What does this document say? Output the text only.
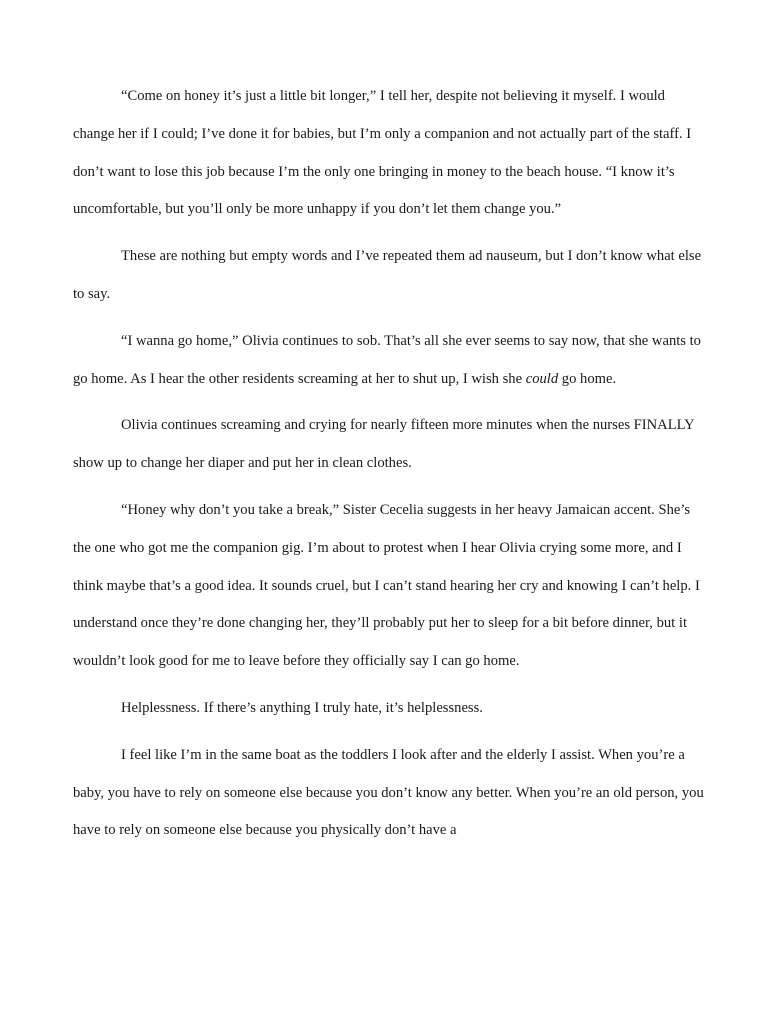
“Come on honey it’s just a little bit longer,” I tell her, despite not believing it myself. I would change her if I could; I’ve done it for babies, but I’m only a companion and not actually part of the staff. I don’t want to lose this job because I’m the only one bringing in money to the beach house. “I know it’s uncomfortable, but you’ll only be more unhappy if you don’t let them change you.”

These are nothing but empty words and I’ve repeated them ad nauseum, but I don’t know what else to say.

“I wanna go home,” Olivia continues to sob. That’s all she ever seems to say now, that she wants to go home. As I hear the other residents screaming at her to shut up, I wish she could go home.

Olivia continues screaming and crying for nearly fifteen more minutes when the nurses FINALLY show up to change her diaper and put her in clean clothes.

“Honey why don’t you take a break,” Sister Cecelia suggests in her heavy Jamaican accent. She’s the one who got me the companion gig. I’m about to protest when I hear Olivia crying some more, and I think maybe that’s a good idea. It sounds cruel, but I can’t stand hearing her cry and knowing I can’t help. I understand once they’re done changing her, they’ll probably put her to sleep for a bit before dinner, but it wouldn’t look good for me to leave before they officially say I can go home.

Helplessness. If there’s anything I truly hate, it’s helplessness.

I feel like I’m in the same boat as the toddlers I look after and the elderly I assist. When you’re a baby, you have to rely on someone else because you don’t know any better. When you’re an old person, you have to rely on someone else because you physically don’t have a
